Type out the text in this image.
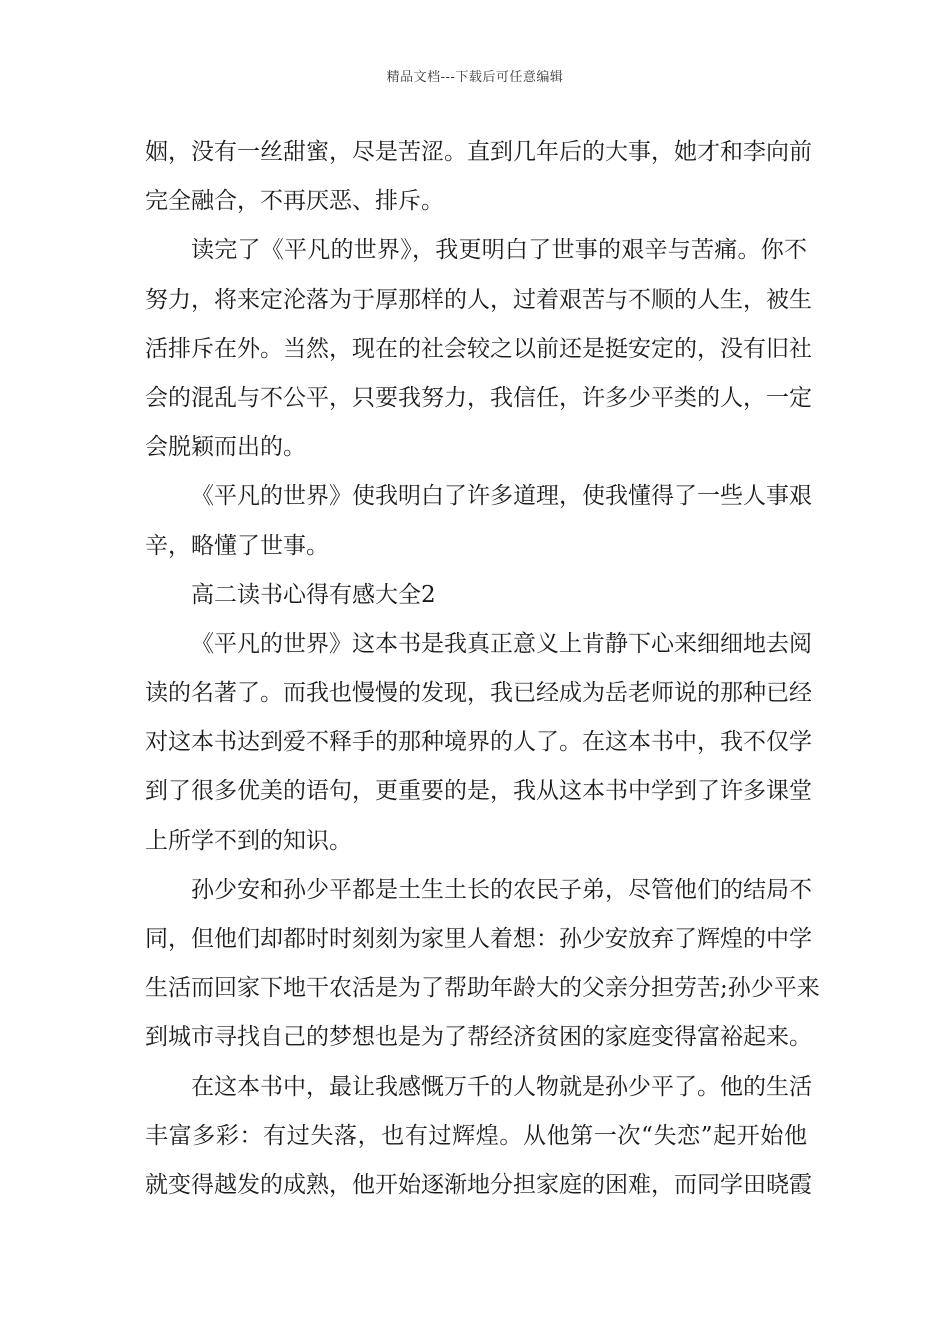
精品文档---下载后可任意编辑

姻，没有一丝甜蜜，尽是苦涩。直到几年后的大事，她才和李向前
完全融合，不再厌恶、排斥。

读完了《平凡的世界》，我更明白了世事的艰辛与苦痛。你不
努力，将来定沦落为于厚那样的人，过着艰苦与不顺的人生，被生
活排斥在外。当然，现在的社会较之以前还是挺安定的，没有旧社
会的混乱与不公平，只要我努力，我信任，许多少平类的人，一定
会脱颖而出的。

《平凡的世界》使我明白了许多道理，使我懂得了一些人事艰
辛，略懂了世事。

高二读书心得有感大全2

《平凡的世界》这本书是我真正意义上肯静下心来细细地去阅
读的名著了。而我也慢慢的发现，我已经成为岳老师说的那种已经
对这本书达到爱不释手的那种境界的人了。在这本书中，我不仅学
到了很多优美的语句，更重要的是，我从这本书中学到了许多课堂
上所学不到的知识。

孙少安和孙少平都是土生土长的农民子弟，尽管他们的结局不
同，但他们却都时时刻刻为家里人着想：孙少安放弃了辉煌的中学
生活而回家下地干农活是为了帮助年龄大的父亲分担劳苦;孙少平来
到城市寻找自己的梦想也是为了帮经济贫困的家庭变得富裕起来。

在这本书中，最让我感慨万千的人物就是孙少平了。他的生活
丰富多彩：有过失落，也有过辉煌。从他第一次“失恋”起开始他
就变得越发的成熟，他开始逐渐地分担家庭的困难，而同学田晓霞
